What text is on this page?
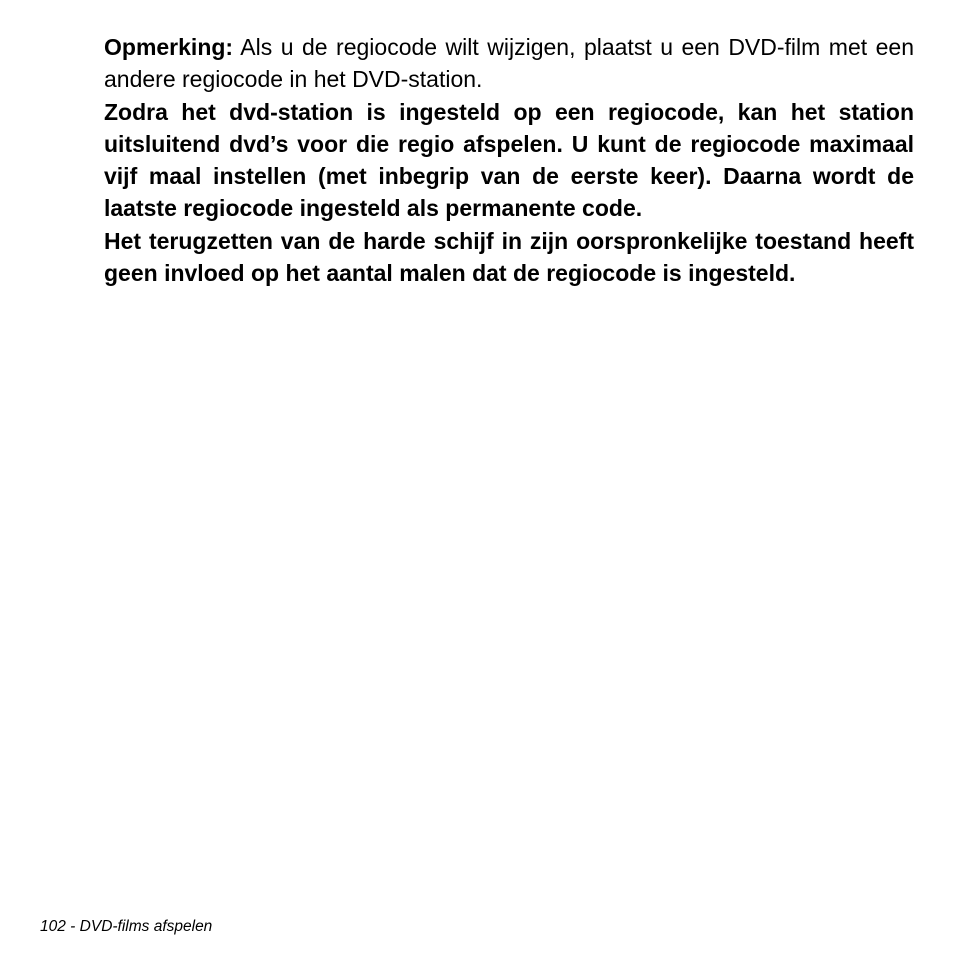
Opmerking: Als u de regiocode wilt wijzigen, plaatst u een DVD-film met een andere regiocode in het DVD-station.

Zodra het dvd-station is ingesteld op een regiocode, kan het station uitsluitend dvd’s voor die regio afspelen. U kunt de regiocode maximaal vijf maal instellen (met inbegrip van de eerste keer). Daarna wordt de laatste regiocode ingesteld als permanente code.

Het terugzetten van de harde schijf in zijn oorspronkelijke toestand heeft geen invloed op het aantal malen dat de regiocode is ingesteld.

102 - DVD-films afspelen
